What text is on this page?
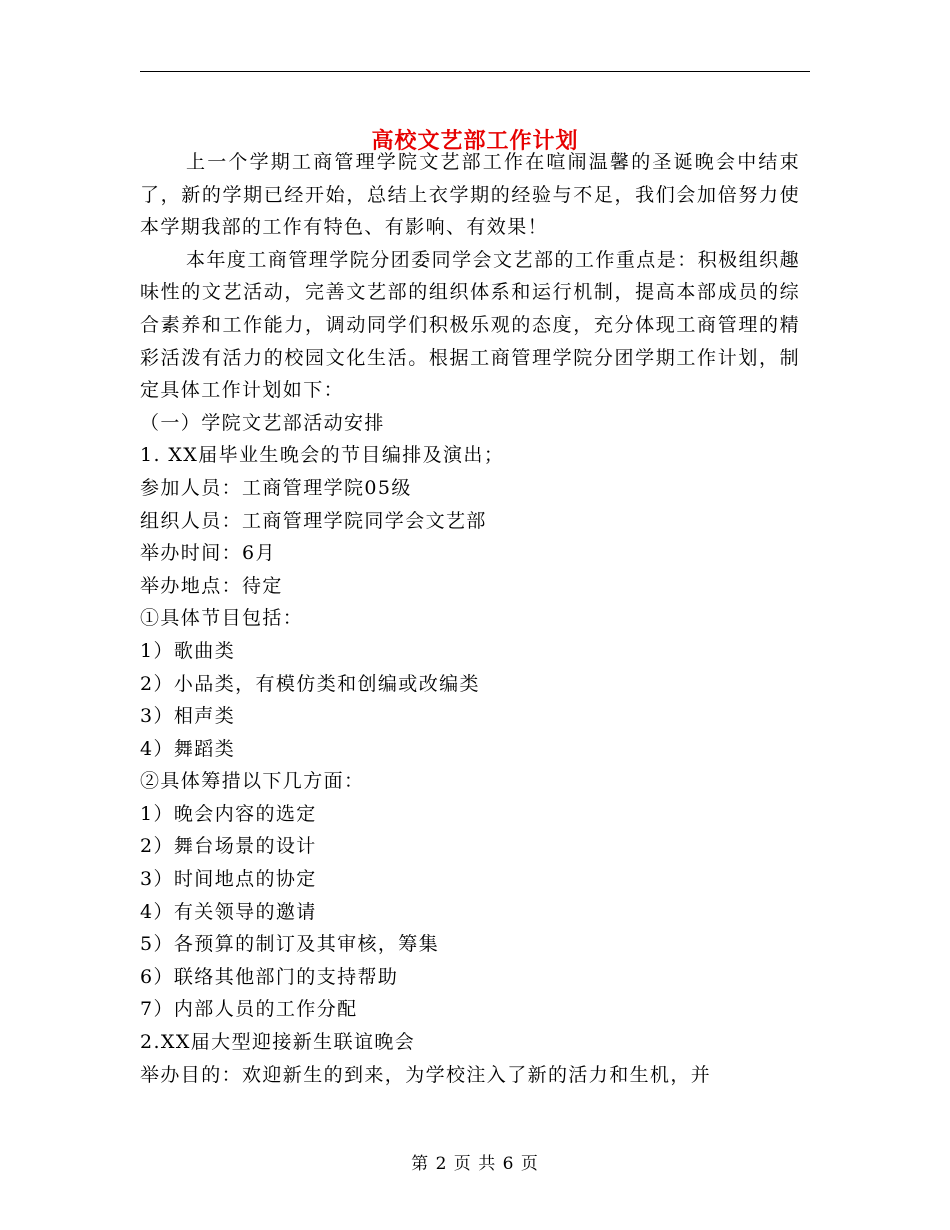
高校文艺部工作计划

上一个学期工商管理学院文艺部工作在喧闹温馨的圣诞晚会中结束了，新的学期已经开始，总结上衣学期的经验与不足，我们会加倍努力使本学期我部的工作有特色、有影响、有效果！

本年度工商管理学院分团委同学会文艺部的工作重点是：积极组织趣味性的文艺活动，完善文艺部的组织体系和运行机制，提高本部成员的综合素养和工作能力，调动同学们积极乐观的态度，充分体现工商管理的精彩活泼有活力的校园文化生活。根据工商管理学院分团学期工作计划，制定具体工作计划如下：

（一）学院文艺部活动安排

1. XX届毕业生晚会的节目编排及演出；

参加人员：工商管理学院05级

组织人员：工商管理学院同学会文艺部

举办时间：6月

举办地点：待定

①具体节目包括：

1）歌曲类

2）小品类，有模仿类和创编或改编类

3）相声类

4）舞蹈类

②具体筹措以下几方面：

1）晚会内容的选定

2）舞台场景的设计

3）时间地点的协定

4）有关领导的邀请

5）各预算的制订及其审核，筹集

6）联络其他部门的支持帮助

7）内部人员的工作分配

2.XX届大型迎接新生联谊晚会

举办目的：欢迎新生的到来，为学校注入了新的活力和生机，并

第 2 页 共 6 页
